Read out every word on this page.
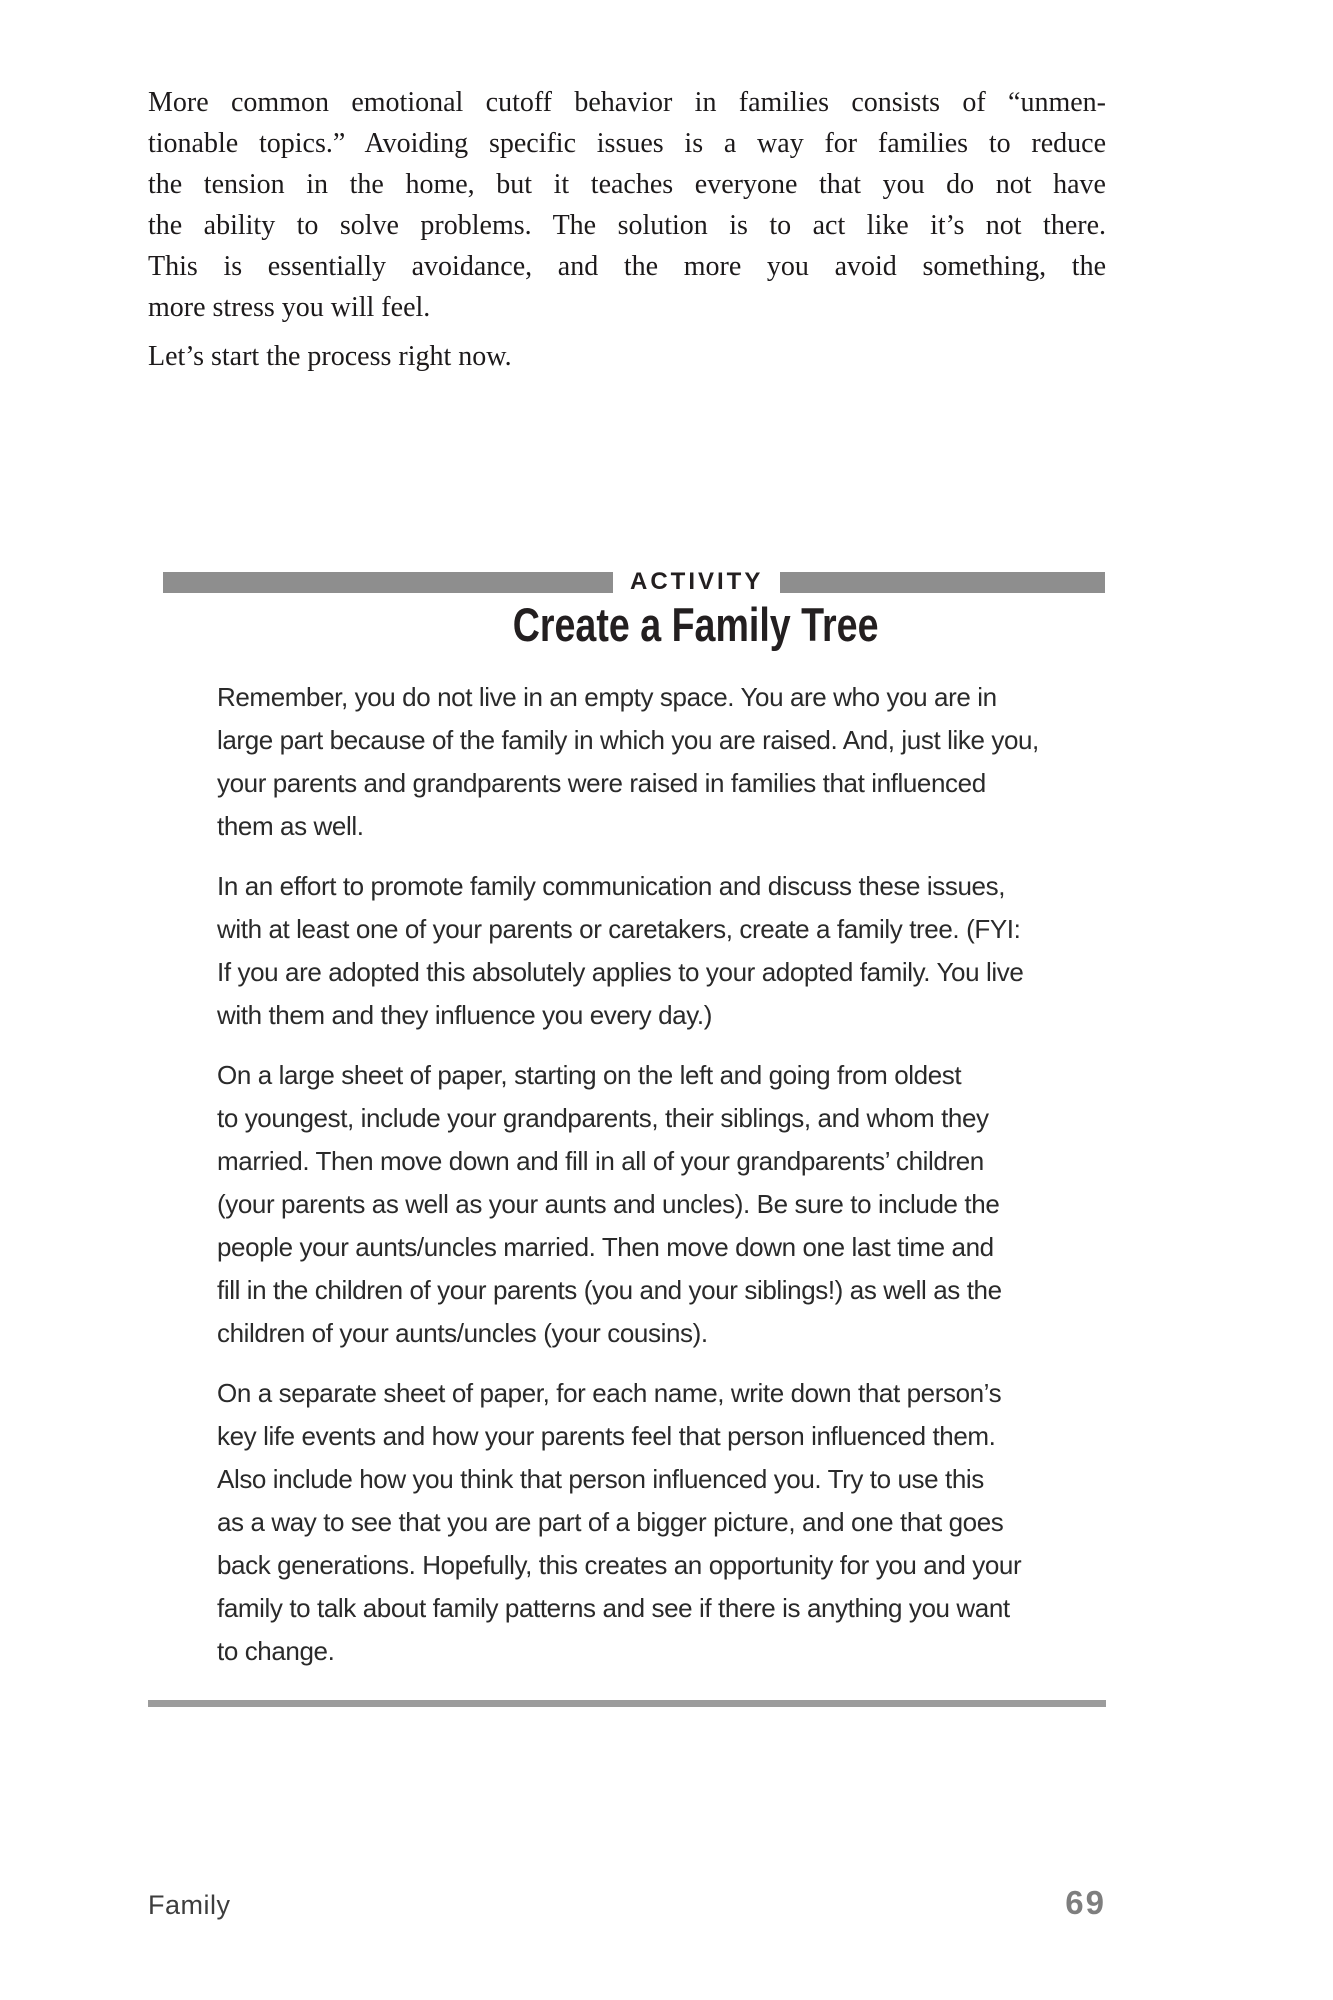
More common emotional cutoff behavior in families consists of “unmen-
tionable topics.” Avoiding specific issues is a way for families to reduce
the tension in the home, but it teaches everyone that you do not have
the ability to solve problems. The solution is to act like it’s not there.
This is essentially avoidance, and the more you avoid something, the
more stress you will feel.

Let’s start the process right now.

ACTIVITY
Create a Family Tree

Remember, you do not live in an empty space. You are who you are in
large part because of the family in which you are raised. And, just like you,
your parents and grandparents were raised in families that influenced
them as well.

In an effort to promote family communication and discuss these issues,
with at least one of your parents or caretakers, create a family tree. (FYI:
If you are adopted this absolutely applies to your adopted family. You live
with them and they influence you every day.)

On a large sheet of paper, starting on the left and going from oldest
to youngest, include your grandparents, their siblings, and whom they
married. Then move down and fill in all of your grandparents’ children
(your parents as well as your aunts and uncles). Be sure to include the
people your aunts/uncles married. Then move down one last time and
fill in the children of your parents (you and your siblings!) as well as the
children of your aunts/uncles (your cousins).

On a separate sheet of paper, for each name, write down that person’s
key life events and how your parents feel that person influenced them.
Also include how you think that person influenced you. Try to use this
as a way to see that you are part of a bigger picture, and one that goes
back generations. Hopefully, this creates an opportunity for you and your
family to talk about family patterns and see if there is anything you want
to change.

Family	69
